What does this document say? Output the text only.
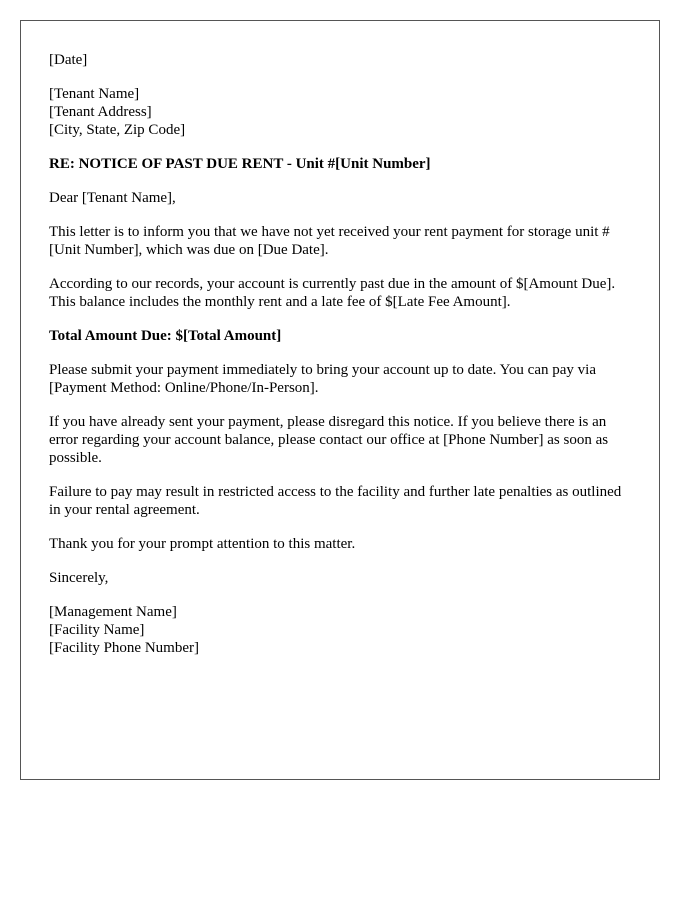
[Date]

[Tenant Name]
[Tenant Address]
[City, State, Zip Code]

RE: NOTICE OF PAST DUE RENT - Unit #[Unit Number]

Dear [Tenant Name],

This letter is to inform you that we have not yet received your rent payment for storage unit #[Unit Number], which was due on [Due Date].

According to our records, your account is currently past due in the amount of $[Amount Due]. This balance includes the monthly rent and a late fee of $[Late Fee Amount].

Total Amount Due: $[Total Amount]

Please submit your payment immediately to bring your account up to date. You can pay via [Payment Method: Online/Phone/In-Person].

If you have already sent your payment, please disregard this notice. If you believe there is an error regarding your account balance, please contact our office at [Phone Number] as soon as possible.

Failure to pay may result in restricted access to the facility and further late penalties as outlined in your rental agreement.

Thank you for your prompt attention to this matter.

Sincerely,

[Management Name]
[Facility Name]
[Facility Phone Number]
